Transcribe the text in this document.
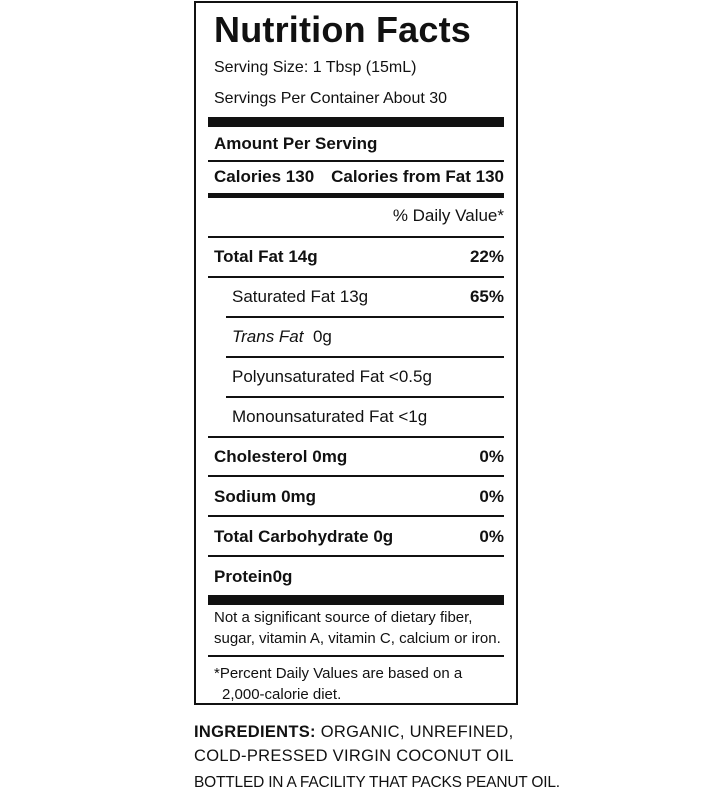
Nutrition Facts
Serving Size: 1 Tbsp (15mL)
Servings Per Container About 30
Amount Per Serving
Calories 130 Calories from Fat 130
% Daily Value*
Total Fat 14g	22%
Saturated Fat 13g	65%
Trans Fat 0g
Polyunsaturated Fat <0.5g
Monounsaturated Fat <1g
Cholesterol 0mg	0%
Sodium 0mg	0%
Total Carbohydrate 0g	0%
Protein0g
Not a significant source of dietary fiber, sugar, vitamin A, vitamin C, calcium or iron.
*Percent Daily Values are based on a
2,000-calorie diet.
INGREDIENTS: ORGANIC, UNREFINED, COLD-PRESSED VIRGIN COCONUT OIL
BOTTLED IN A FACILITY THAT PACKS PEANUT OIL.
